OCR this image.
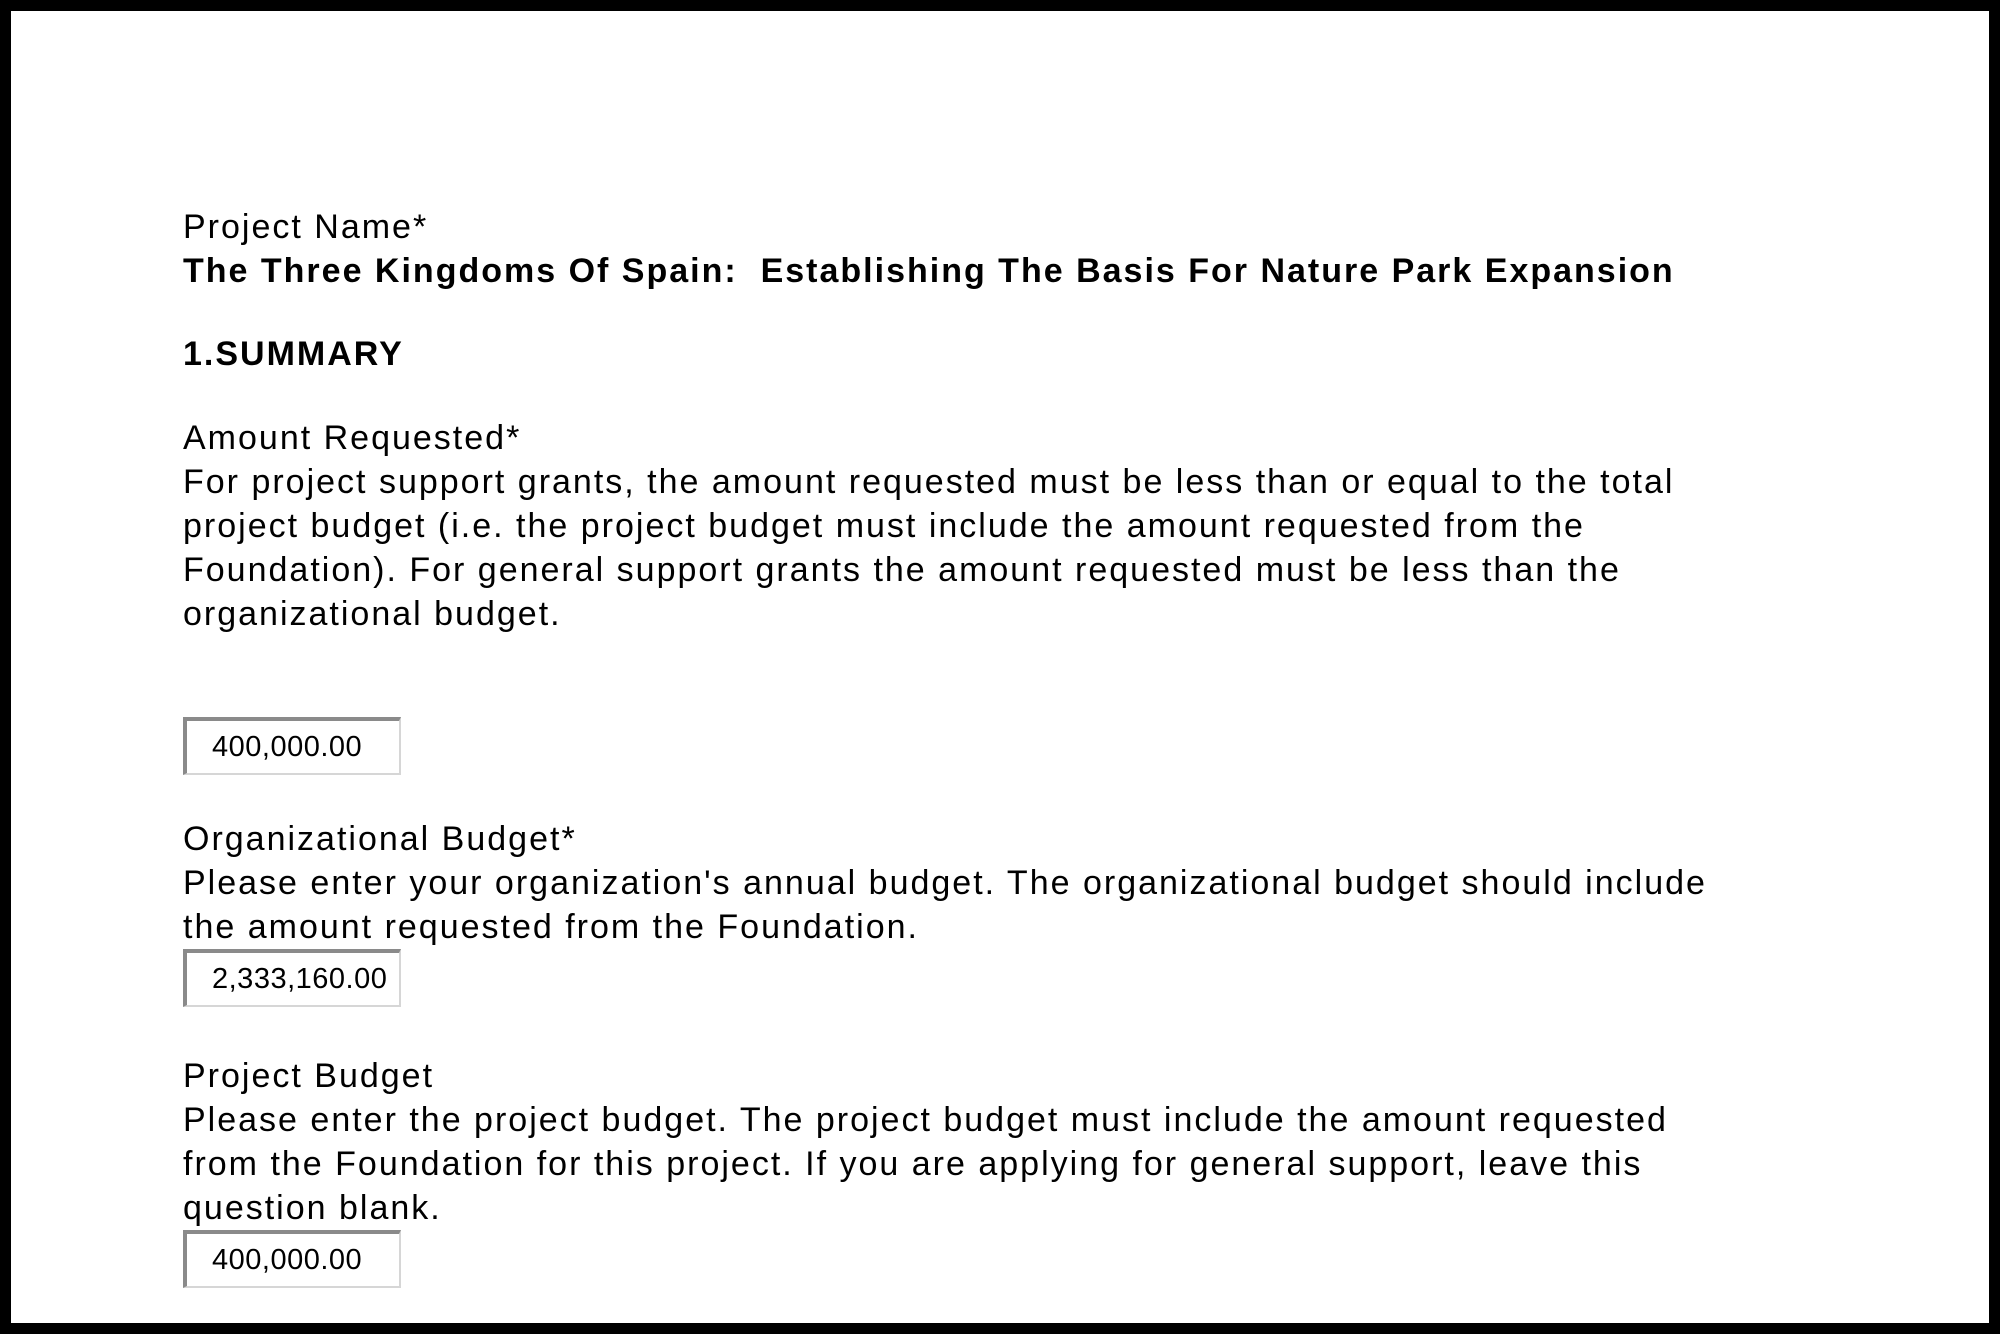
Project Name*
The Three Kingdoms Of Spain:  Establishing The Basis For Nature Park Expansion
1.SUMMARY
Amount Requested*
For project support grants, the amount requested must be less than or equal to the total project budget (i.e. the project budget must include the amount requested from the Foundation). For general support grants the amount requested must be less than the organizational budget.
400,000.00
Organizational Budget*
Please enter your organization's annual budget. The organizational budget should include the amount requested from the Foundation.
2,333,160.00
Project Budget
Please enter the project budget. The project budget must include the amount requested from the Foundation for this project. If you are applying for general support, leave this question blank.
400,000.00
